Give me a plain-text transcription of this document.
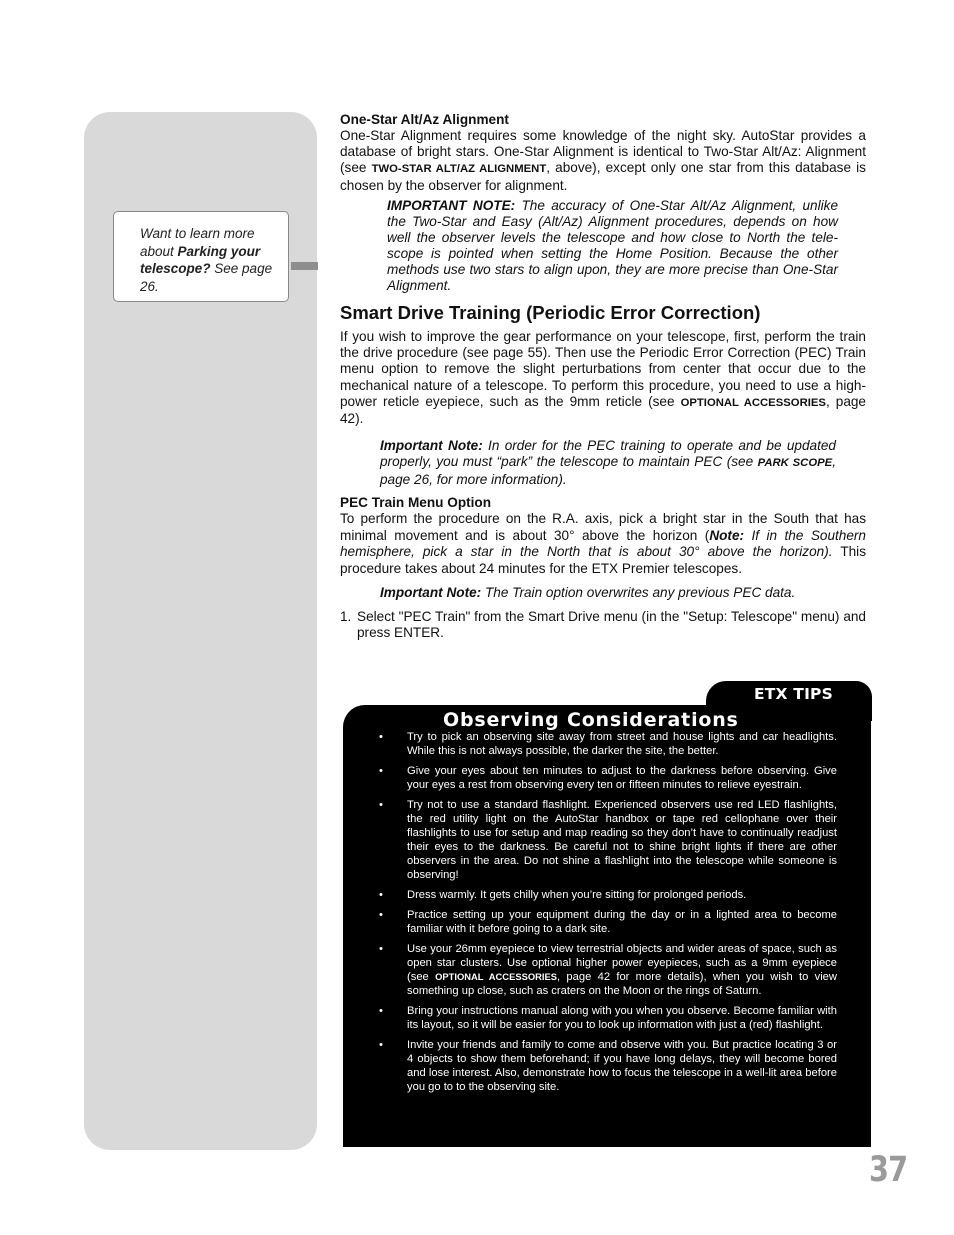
Want to learn more about Parking your telescope? See page 26.

One-Star Alt/Az Alignment

One-Star Alignment requires some knowledge of the night sky. AutoStar provides a database of bright stars. One-Star Alignment is identical to Two-Star Alt/Az: Alignment (see TWO-STAR ALT/AZ ALIGNMENT, above), except only one star from this database is chosen by the observer for alignment.

IMPORTANT NOTE: The accuracy of One-Star Alt/Az Alignment, unlike the Two-Star and Easy (Alt/Az) Alignment procedures, depends on how well the observer levels the telescope and how close to North the tele-scope is pointed when setting the Home Position. Because the other methods use two stars to align upon, they are more precise than One-Star Alignment.

Smart Drive Training (Periodic Error Correction)

If you wish to improve the gear performance on your telescope, first, perform the train the drive procedure (see page 55). Then use the Periodic Error Correction (PEC) Train menu option to remove the slight perturbations from center that occur due to the mechanical nature of a telescope. To perform this procedure, you need to use a high-power reticle eyepiece, such as the 9mm reticle (see OPTIONAL ACCESSORIES, page 42).

Important Note: In order for the PEC training to operate and be updated properly, you must “park” the telescope to maintain PEC (see PARK SCOPE, page 26, for more information).

PEC Train Menu Option

To perform the procedure on the R.A. axis, pick a bright star in the South that has minimal movement and is about 30° above the horizon (Note: If in the Southern hemisphere, pick a star in the North that is about 30° above the horizon). This procedure takes about 24 minutes for the ETX Premier telescopes.

Important Note: The Train option overwrites any previous PEC data.

1. Select "PEC Train" from the Smart Drive menu (in the "Setup: Telescope" menu) and press ENTER.

ETX TIPS

Observing Considerations

• Try to pick an observing site away from street and house lights and car headlights. While this is not always possible, the darker the site, the better.
• Give your eyes about ten minutes to adjust to the darkness before observing. Give your eyes a rest from observing every ten or fifteen minutes to relieve eyestrain.
• Try not to use a standard flashlight. Experienced observers use red LED flashlights, the red utility light on the AutoStar handbox or tape red cellophane over their flashlights to use for setup and map reading so they don’t have to continually readjust their eyes to the darkness. Be careful not to shine bright lights if there are other observers in the area. Do not shine a flashlight into the telescope while someone is observing!
• Dress warmly. It gets chilly when you’re sitting for prolonged periods.
• Practice setting up your equipment during the day or in a lighted area to become familiar with it before going to a dark site.
• Use your 26mm eyepiece to view terrestrial objects and wider areas of space, such as open star clusters. Use optional higher power eyepieces, such as a 9mm eyepiece (see OPTIONAL ACCESSORIES, page 42 for more details), when you wish to view something up close, such as craters on the Moon or the rings of Saturn.
• Bring your instructions manual along with you when you observe. Become familiar with its layout, so it will be easier for you to look up information with just a (red) flashlight.
• Invite your friends and family to come and observe with you. But practice locating 3 or 4 objects to show them beforehand; if you have long delays, they will become bored and lose interest. Also, demonstrate how to focus the telescope in a well-lit area before you go to to the observing site.
37
